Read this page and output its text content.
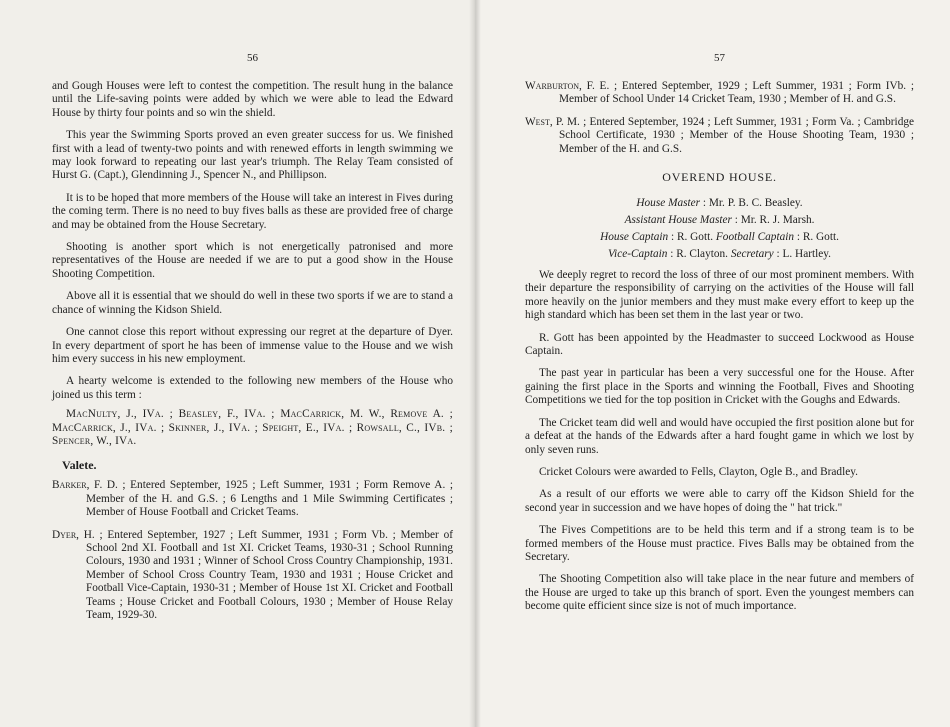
56

and Gough Houses were left to contest the competition. The result hung in the balance until the Life-saving points were added by which we were able to lead the Edward House by thirty four points and so win the shield.

This year the Swimming Sports proved an even greater success for us. We finished first with a lead of twenty-two points and with renewed efforts in length swimming we may look forward to repeating our last year's triumph. The Relay Team consisted of Hurst G. (Capt.), Glendinning J., Spencer N., and Phillipson.

It is to be hoped that more members of the House will take an interest in Fives during the coming term. There is no need to buy fives balls as these are provided free of charge and may be obtained from the House Secretary.

Shooting is another sport which is not energetically patronised and more representatives of the House are needed if we are to put a good show in the House Shooting Competition.

Above all it is essential that we should do well in these two sports if we are to stand a chance of winning the Kidson Shield.

One cannot close this report without expressing our regret at the departure of Dyer. In every department of sport he has been of immense value to the House and we wish him every success in his new employment.

A hearty welcome is extended to the following new members of the House who joined us this term :

MacNulty, J., IVa. ; Beasley, F., IVa. ; MacCarrick, M. W., Remove A. ; MacCarrick, J., IVa. ; Skinner, J., IVa. ; Speight, E., IVa. ; Rowsall, C., IVb. ; Spencer, W., IVa.

Valete.
Barker, F. D. ; Entered September, 1925 ; Left Summer, 1931 ; Form Remove A. ; Member of the H. and G.S. ; 6 Lengths and 1 Mile Swimming Certificates ; Member of House Football and Cricket Teams.
Dyer, H. ; Entered September, 1927 ; Left Summer, 1931 ; Form Vb. ; Member of School 2nd XI. Football and 1st XI. Cricket Teams, 1930-31 ; School Running Colours, 1930 and 1931 ; Winner of School Cross Country Championship, 1931. Member of School Cross Country Team, 1930 and 1931 ; House Cricket and Football Vice-Captain, 1930-31 ; Member of House 1st XI. Cricket and Football Teams ; House Cricket and Football Colours, 1930 ; Member of House Relay Team, 1929-30.
57
Warburton, F. E. ; Entered September, 1929 ; Left Summer, 1931 ; Form IVb. ; Member of School Under 14 Cricket Team, 1930 ; Member of H. and G.S.
West, P. M. ; Entered September, 1924 ; Left Summer, 1931 ; Form Va. ; Cambridge School Certificate, 1930 ; Member of the House Shooting Team, 1930 ; Member of the H. and G.S.
OVEREND HOUSE.
House Master : Mr. P. B. C. Beasley.
Assistant House Master : Mr. R. J. Marsh.
House Captain : R. Gott. Football Captain : R. Gott.
Vice-Captain : R. Clayton. Secretary : L. Hartley.

We deeply regret to record the loss of three of our most prominent members. With their departure the responsibility of carrying on the activities of the House will fall more heavily on the junior members and they must make every effort to keep up the high standard which has been set them in the last year or two.

R. Gott has been appointed by the Headmaster to succeed Lockwood as House Captain.

The past year in particular has been a very successful one for the House. After gaining the first place in the Sports and winning the Football, Fives and Shooting Competitions we tied for the top position in Cricket with the Goughs and Edwards.

The Cricket team did well and would have occupied the first position alone but for a defeat at the hands of the Edwards after a hard fought game in which we lost by only seven runs.

Cricket Colours were awarded to Fells, Clayton, Ogle B., and Bradley.

As a result of our efforts we were able to carry off the Kidson Shield for the second year in succession and we have hopes of doing the " hat trick."

The Fives Competitions are to be held this term and if a strong team is to be formed members of the House must practice. Fives Balls may be obtained from the Secretary.

The Shooting Competition also will take place in the near future and members of the House are urged to take up this branch of sport. Even the youngest members can become quite efficient since size is not of much importance.
